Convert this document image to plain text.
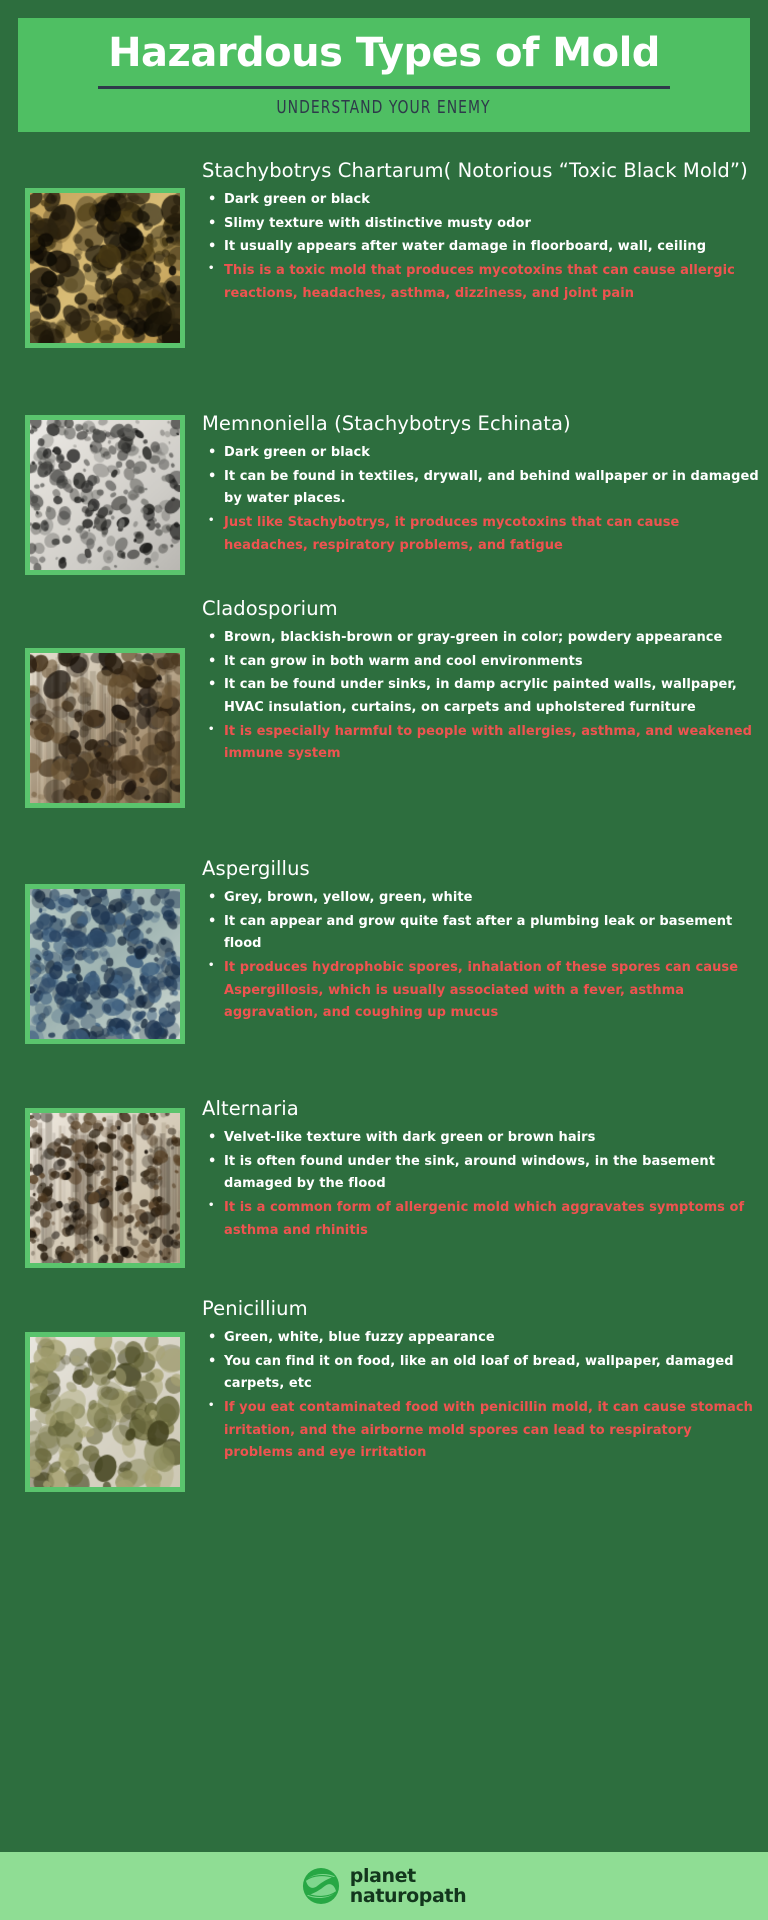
Hazardous Types of Mold
UNDERSTAND YOUR ENEMY
Stachybotrys Chartarum( Notorious “Toxic Black Mold”)
• Dark green or black
• Slimy texture with distinctive musty odor
• It usually appears after water damage in floorboard, wall, ceiling
• This is a toxic mold that produces mycotoxins that can cause allergic reactions, headaches, asthma, dizziness, and joint pain
Memnoniella (Stachybotrys Echinata)
• Dark green or black
• It can be found in textiles, drywall, and behind wallpaper or in damaged by water places.
• Just like Stachybotrys, it produces mycotoxins that can cause headaches, respiratory problems, and fatigue
Cladosporium
• Brown, blackish-brown or gray-green in color; powdery appearance
• It can grow in both warm and cool environments
• It can be found under sinks, in damp acrylic painted walls, wallpaper, HVAC insulation, curtains, on carpets and upholstered furniture
• It is especially harmful to people with allergies, asthma, and weakened immune system
Aspergillus
• Grey, brown, yellow, green, white
• It can appear and grow quite fast after a plumbing leak or basement flood
• It produces hydrophobic spores, inhalation of these spores can cause Aspergillosis, which is usually associated with a fever, asthma aggravation, and coughing up mucus
Alternaria
• Velvet-like texture with dark green or brown hairs
• It is often found under the sink, around windows, in the basement damaged by the flood
• It is a common form of allergenic mold which aggravates symptoms of asthma and rhinitis
Penicillium
• Green, white, blue fuzzy appearance
• You can find it on food, like an old loaf of bread, wallpaper, damaged carpets, etc
• If you eat contaminated food with penicillin mold, it can cause stomach irritation, and the airborne mold spores can lead to respiratory problems and eye irritation
planet
naturopath
